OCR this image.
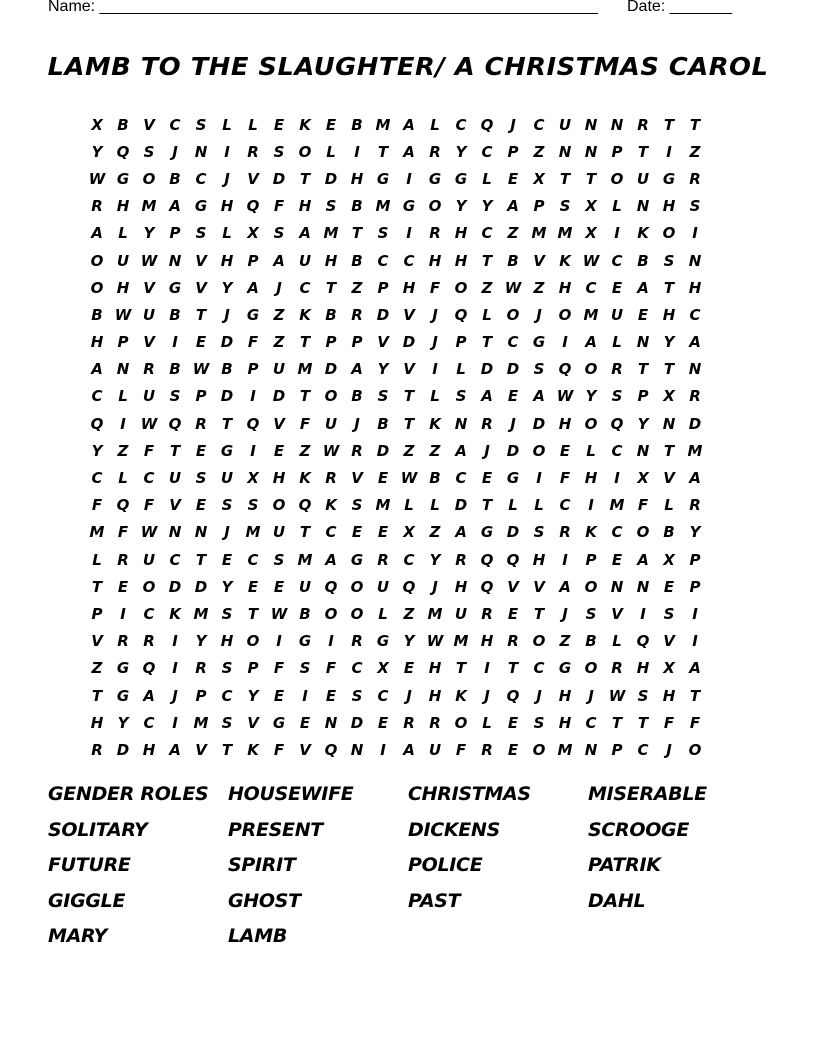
Name: ________________________________________________________ Date: _______
LAMB TO THE SLAUGHTER/ A CHRISTMAS CAROL
X B V C	S	L	L	E	K	E	B M A	L	C Q	J	C U N N R	T	T
Y Q S	J	N	I	R S O L	I	T	A R Y	C	P	Z N N P	T	I	Z
W G O B C	J	V D T D H G	I	G G	L	E	X	T	T O U G R
R H M A G H Q F H S B M G O Y	Y A P	S X	L N H S
A	L	Y	P	S	L	X S A M T	S	I	R H C	Z M M X	I	K O	I
O U W N V H P A U H B C C H H T	B V K W C B S N
O H V G V Y A	J	C	T	Z	P H F O Z W Z H C	E	A	T H
B W U B	T	J	G Z K B R D V	J	Q L O	J	O M U E H C
H P V	I	E D F	Z	T	P	P V D	J	P	T	C G	I	A	L N Y A
A N R B W B P U M D A Y V	I	L D D S Q O R	T	T N
C	L	U S	P D	I	D T O B S	T	L	S A	E	A W Y	S	P X R
Q	I W Q R	T Q V	F U	J	B	T	K N R	J	D H O Q Y N D
Y	Z	F	T	E G	I	E	Z W R D Z	Z A	J	D O E	L	C N T M
C	L	C U S U X H K R V	E W B C	E G	I	F H	I	X V A
F Q F	V	E	S	S O Q K S M L	L D T	L	L	C	I	M F	L	R
M F W N N	J	M U T	C	E	E	X Z A G D S R K C O B Y
L	R U C	T	E	C	S M A G R C	Y R Q Q H	I	P	E	A X P
T	E O D D Y	E	E U Q O U Q	J	H Q V V A O N N E	P
P	I	C K M S	T W B O O L	Z M U R	E	T	J	S V	I	S	I
V R R	I	Y H O	I	G	I	R G Y W M H R O Z B	L Q V	I
Z G Q	I	R S	P	F	S	F	C X	E H T	I	T	C G O R H X A
T G A	J	P C	Y	E	I	E	S	C	J	H K	J	Q	J	H	J W S H T
H Y	C	I	M S V G E N D E	R R O L	E	S H C	T	T	F	F
R D H A V	T	K	F	V Q N	I	A U F	R	E O M N P C	J	O
GENDER ROLES	HOUSEWIFE	CHRISTMAS	MISERABLE
SOLITARY	PRESENT	DICKENS	SCROOGE
FUTURE	SPIRIT	POLICE	PATRIK
GIGGLE	GHOST	PAST	DAHL
MARY	LAMB
